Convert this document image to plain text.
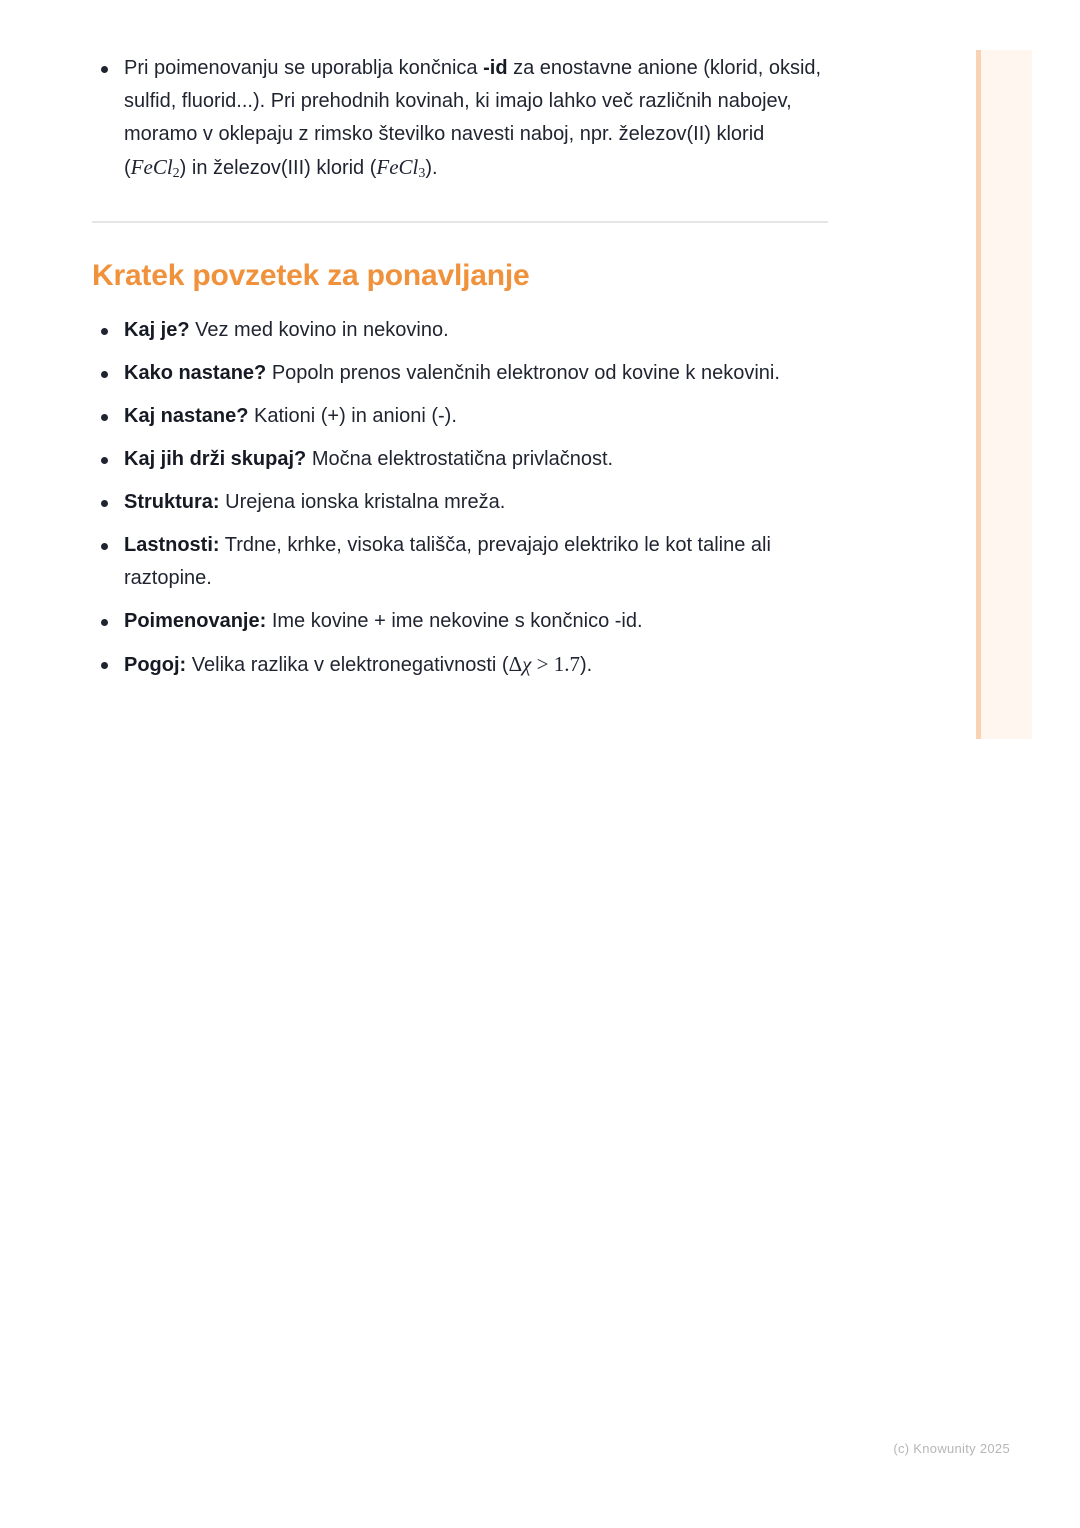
Pri poimenovanju se uporablja končnica -id za enostavne anione (klorid, oksid, sulfid, fluorid...). Pri prehodnih kovinah, ki imajo lahko več različnih nabojev, moramo v oklepaju z rimsko številko navesti naboj, npr. železov(II) klorid (FeCl$_2$) in železov(III) klorid (FeCl$_3$).
Kratek povzetek za ponavljanje
Kaj je? Vez med kovino in nekovino.
Kako nastane? Popoln prenos valenčnih elektronov od kovine k nekovini.
Kaj nastane? Kationi (+) in anioni (-).
Kaj jih drži skupaj? Močna elektrostatična privlačnost.
Struktura: Urejena ionska kristalna mreža.
Lastnosti: Trdne, krhke, visoka tališča, prevajajo elektriko le kot taline ali raztopine.
Poimenovanje: Ime kovine + ime nekovine s končnico -id.
Pogoj: Velika razlika v elektronegativnosti (Δχ > 1.7).
(c) Knowunity 2025
